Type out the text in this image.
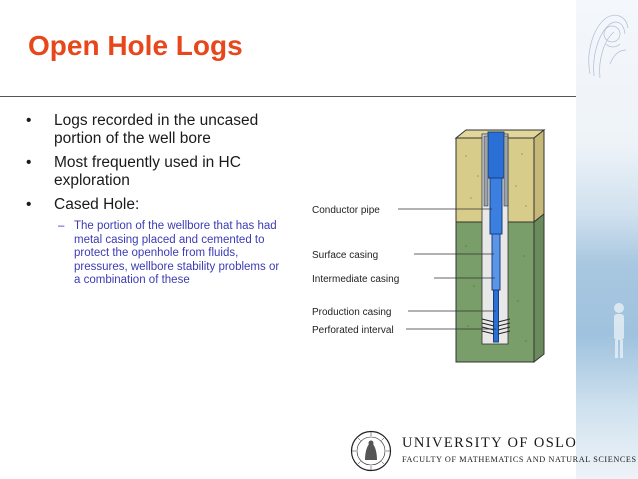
Open Hole Logs
• Logs recorded in the uncased portion of the well bore
• Most frequently used in HC exploration
• Cased Hole:
– The portion of the wellbore that has had metal casing placed and cemented to protect the openhole from fluids, pressures, wellbore stability problems or a combination of these
Conductor pipe
Surface casing
Intermediate casing
Production casing
Perforated interval

UNIVERSITY OF OSLO

FACULTY OF MATHEMATICS AND NATURAL SCIENCES
